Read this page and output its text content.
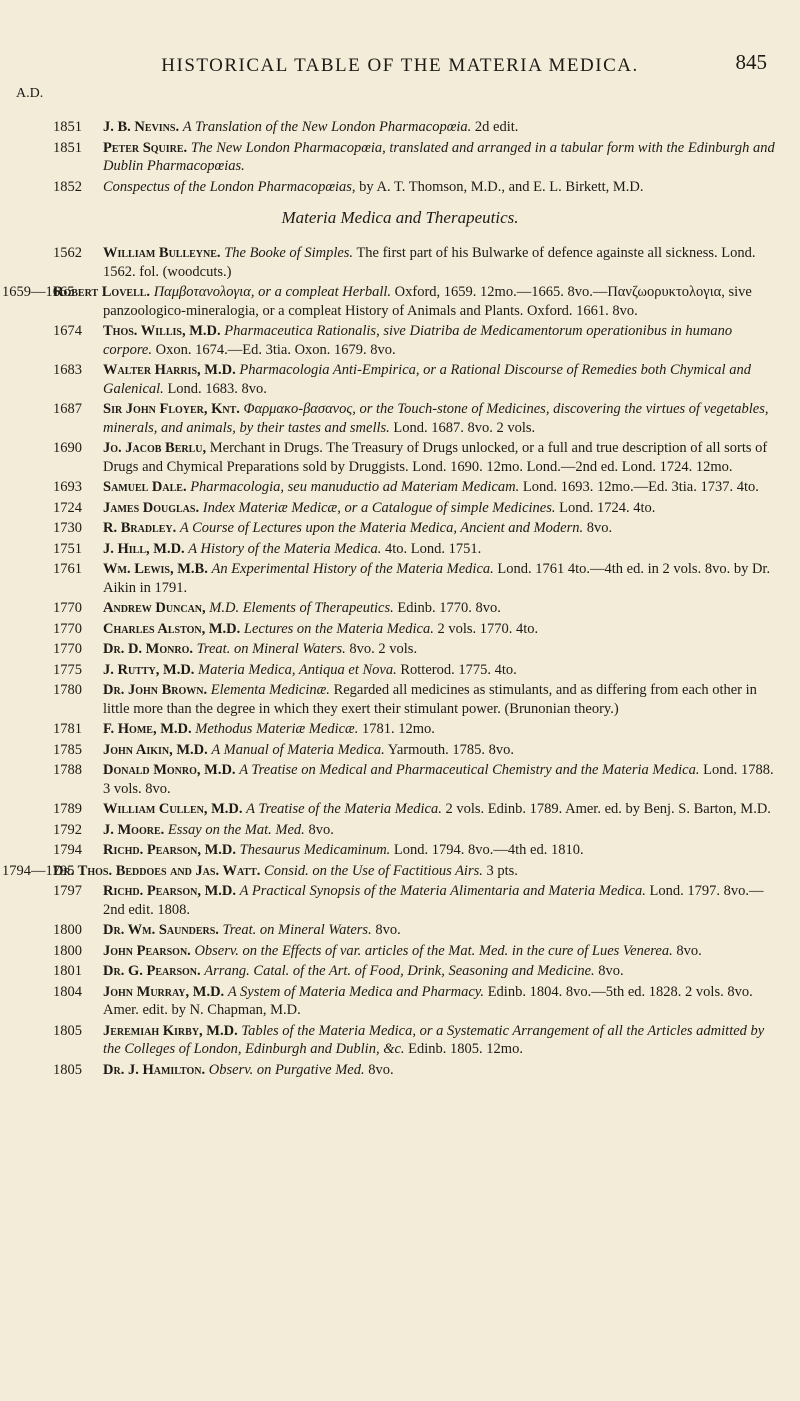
HISTORICAL TABLE OF THE MATERIA MEDICA.	845
A.D.
1851 J. B. Nevins. A Translation of the New London Pharmacopœia. 2d edit.
1851 Peter Squire. The New London Pharmacopœia, translated and arranged in a tabular form with the Edinburgh and Dublin Pharmacopœias.
1852 Conspectus of the London Pharmacopœias, by A. T. Thomson, M.D., and E. L. Birkett, M.D.
Materia Medica and Therapeutics.
1562 William Bulleyne. The Booke of Simples. The first part of his Bulwarke of defence againste all sickness. Lond. 1562. fol. (woodcuts.)
1659—1665
Robert Lovell. Παμβοτανολογια, or a compleat Herball. Oxford, 1659. 12mo.—1665. 8vo.—Πανζωορυκτολογια, sive panzoologico-mineralogia, or a compleat History of Animals and Plants. Oxford. 1661. 8vo.
1674 Thos. Willis, M.D. Pharmaceutica Rationalis, sive Diatriba de Medicamentorum operationibus in humano corpore. Oxon. 1674.—Ed. 3tia. Oxon. 1679. 8vo.
1683 Walter Harris, M.D. Pharmacologia Anti-Empirica, or a Rational Discourse of Remedies both Chymical and Galenical. Lond. 1683. 8vo.
1687 Sir John Floyer, Knt. Φαρμακο-βασανος, or the Touch-stone of Medicines, discovering the virtues of vegetables, minerals, and animals, by their tastes and smells. Lond. 1687. 8vo. 2 vols.
1690 Jo. Jacob Berlu, Merchant in Drugs. The Treasury of Drugs unlocked, or a full and true description of all sorts of Drugs and Chymical Preparations sold by Druggists. Lond. 1690. 12mo. Lond.—2nd ed. Lond. 1724. 12mo.
1693 Samuel Dale. Pharmacologia, seu manuductio ad Materiam Medicam. Lond. 1693. 12mo.—Ed. 3tia. 1737. 4to.
1724 James Douglas. Index Materiæ Medicæ, or a Catalogue of simple Medicines. Lond. 1724. 4to.
1730 R. Bradley. A Course of Lectures upon the Materia Medica, Ancient and Modern. 8vo.
1751 J. Hill, M.D. A History of the Materia Medica. 4to. Lond. 1751.
1761 Wm. Lewis, M.B. An Experimental History of the Materia Medica. Lond. 1761 4to.—4th ed. in 2 vols. 8vo. by Dr. Aikin in 1791.
1770 Andrew Duncan, M.D. Elements of Therapeutics. Edinb. 1770. 8vo.
1770 Charles Alston, M.D. Lectures on the Materia Medica. 2 vols. 1770. 4to.
1770 Dr. D. Monro. Treat. on Mineral Waters. 8vo. 2 vols.
1775 J. Rutty, M.D. Materia Medica, Antiqua et Nova. Rotterod. 1775. 4to.
1780 Dr. John Brown. Elementa Medicinæ. Regarded all medicines as stimulants, and as differing from each other in little more than the degree in which they exert their stimulant power. (Brunonian theory.)
1781 F. Home, M.D. Methodus Materiæ Medicæ. 1781. 12mo.
1785 John Aikin, M.D. A Manual of Materia Medica. Yarmouth. 1785. 8vo.
1788 Donald Monro, M.D. A Treatise on Medical and Pharmaceutical Chemistry and the Materia Medica. Lond. 1788. 3 vols. 8vo.
1789 William Cullen, M.D. A Treatise of the Materia Medica. 2 vols. Edinb. 1789. Amer. ed. by Benj. S. Barton, M.D.
1792 J. Moore. Essay on the Mat. Med. 8vo.
1794 Richd. Pearson, M.D. Thesaurus Medicaminum. Lond. 1794. 8vo.—4th ed. 1810.
1794—1795
Dr. Thos. Beddoes and Jas. Watt. Consid. on the Use of Factitious Airs. 3 pts.
1797 Richd. Pearson, M.D. A Practical Synopsis of the Materia Alimentaria and Materia Medica. Lond. 1797. 8vo.—2nd edit. 1808.
1800 Dr. Wm. Saunders. Treat. on Mineral Waters. 8vo.
1800 John Pearson. Observ. on the Effects of var. articles of the Mat. Med. in the cure of Lues Venerea. 8vo.
1801 Dr. G. Pearson. Arrang. Catal. of the Art. of Food, Drink, Seasoning and Medicine. 8vo.
1804 John Murray, M.D. A System of Materia Medica and Pharmacy. Edinb. 1804. 8vo.—5th ed. 1828. 2 vols. 8vo. Amer. edit. by N. Chapman, M.D.
1805 Jeremiah Kirby, M.D. Tables of the Materia Medica, or a Systematic Arrangement of all the Articles admitted by the Colleges of London, Edinburgh and Dublin, &c. Edinb. 1805. 12mo.
1805 Dr. J. Hamilton. Observ. on Purgative Med. 8vo.
